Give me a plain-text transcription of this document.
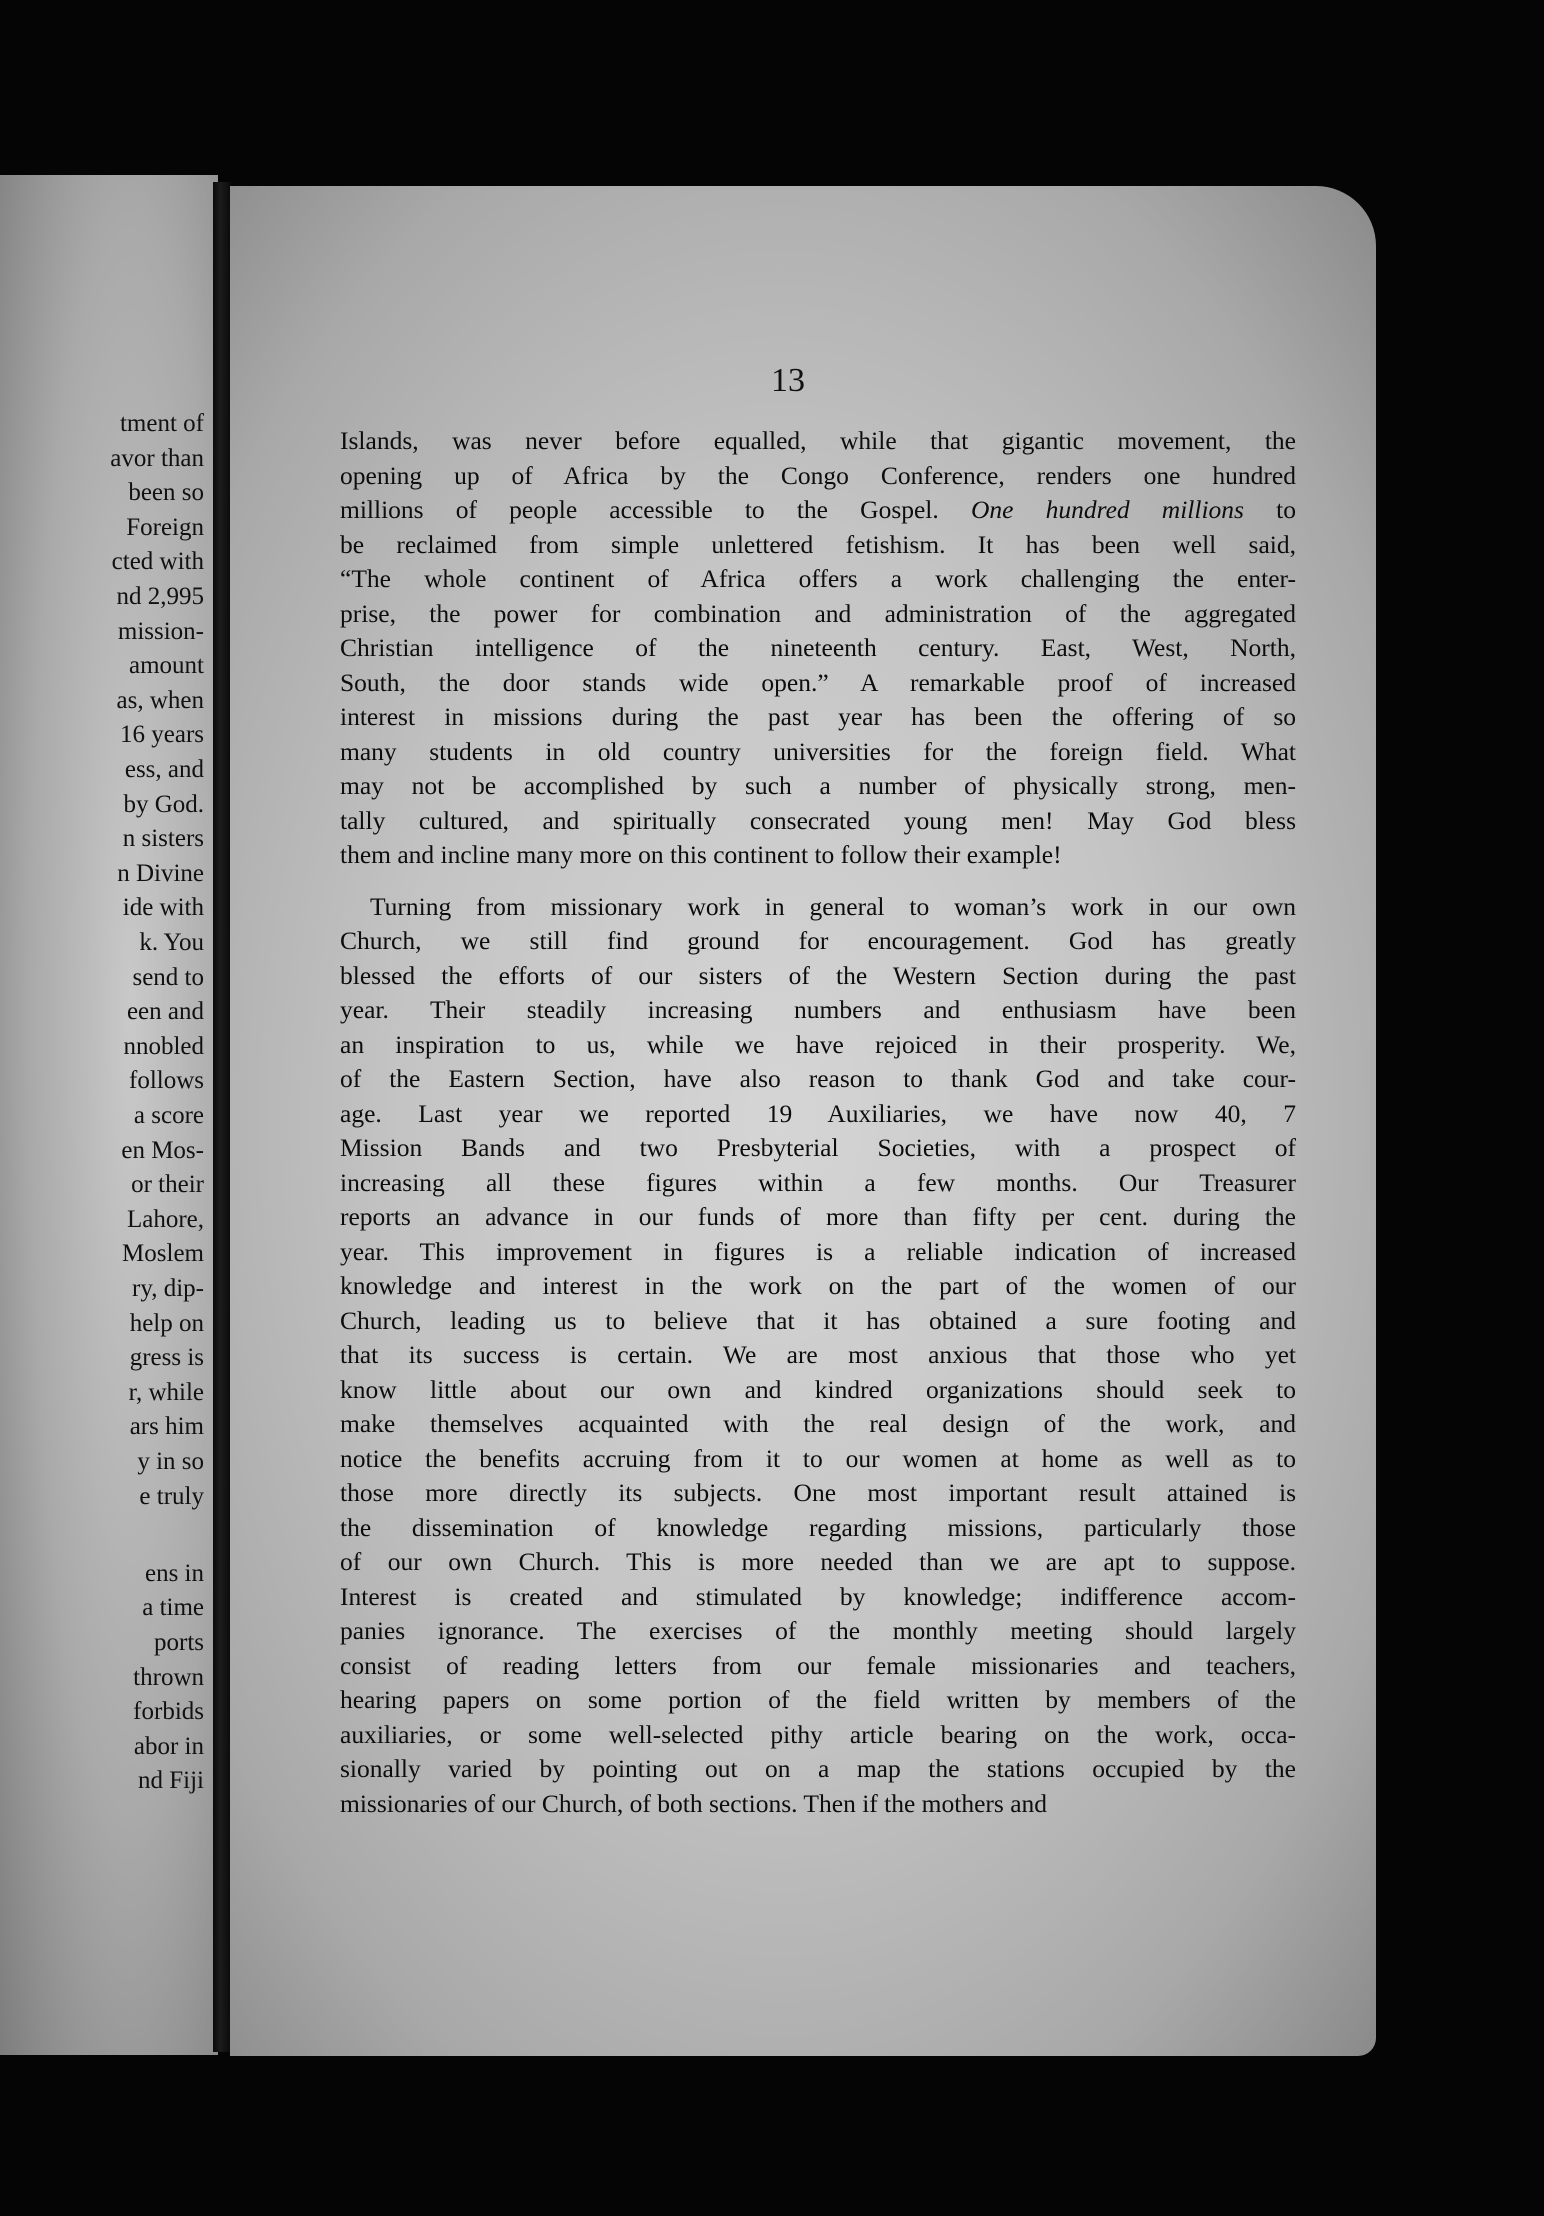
tment of
avor than
been so
Foreign
cted with
nd 2,995
mission-
amount
as, when
16 years
ess, and
by God.
n sisters
n Divine
ide with
k. You
send to
een and
nnobled
follows
a score
en Mos-
or their
Lahore,
Moslem
ry, dip-
help on
gress is
r, while
ars him
y in so
e truly
ens in
a time
ports
thrown
forbids
abor in
nd Fiji
13
Islands, was never before equalled, while that gigantic movement, the
opening up of Africa by the Congo Conference, renders one hundred
millions of people accessible to the Gospel. One hundred millions to
be reclaimed from simple unlettered fetishism. It has been well said,
“The whole continent of Africa offers a work challenging the enter-
prise, the power for combination and administration of the aggregated
Christian intelligence of the nineteenth century. East, West, North,
South, the door stands wide open.” A remarkable proof of increased
interest in missions during the past year has been the offering of so
many students in old country universities for the foreign field. What
may not be accomplished by such a number of physically strong, men-
tally cultured, and spiritually consecrated young men! May God bless
them and incline many more on this continent to follow their example!
Turning from missionary work in general to woman’s work in our own
Church, we still find ground for encouragement. God has greatly
blessed the efforts of our sisters of the Western Section during the past
year. Their steadily increasing numbers and enthusiasm have been
an inspiration to us, while we have rejoiced in their prosperity. We,
of the Eastern Section, have also reason to thank God and take cour-
age. Last year we reported 19 Auxiliaries, we have now 40, 7
Mission Bands and two Presbyterial Societies, with a prospect of
increasing all these figures within a few months. Our Treasurer
reports an advance in our funds of more than fifty per cent. during the
year. This improvement in figures is a reliable indication of increased
knowledge and interest in the work on the part of the women of our
Church, leading us to believe that it has obtained a sure footing and
that its success is certain. We are most anxious that those who yet
know little about our own and kindred organizations should seek to
make themselves acquainted with the real design of the work, and
notice the benefits accruing from it to our women at home as well as to
those more directly its subjects. One most important result attained is
the dissemination of knowledge regarding missions, particularly those
of our own Church. This is more needed than we are apt to suppose.
Interest is created and stimulated by knowledge; indifference accom-
panies ignorance. The exercises of the monthly meeting should largely
consist of reading letters from our female missionaries and teachers,
hearing papers on some portion of the field written by members of the
auxiliaries, or some well-selected pithy article bearing on the work, occa-
sionally varied by pointing out on a map the stations occupied by the
missionaries of our Church, of both sections. Then if the mothers and
